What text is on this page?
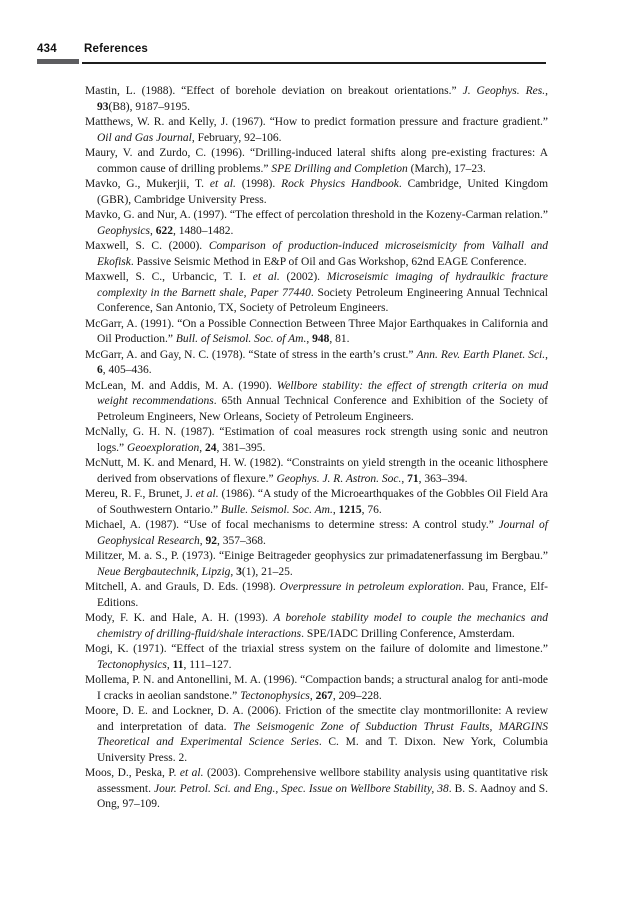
434 References

Mastin, L. (1988). “Effect of borehole deviation on breakout orientations.” J. Geophys. Res., 93(B8), 9187–9195.

Matthews, W. R. and Kelly, J. (1967). “How to predict formation pressure and fracture gradient.” Oil and Gas Journal, February, 92–106.

Maury, V. and Zurdo, C. (1996). “Drilling-induced lateral shifts along pre-existing fractures: A common cause of drilling problems.” SPE Drilling and Completion (March), 17–23.

Mavko, G., Mukerjii, T. et al. (1998). Rock Physics Handbook. Cambridge, United Kingdom (GBR), Cambridge University Press.

Mavko, G. and Nur, A. (1997). “The effect of percolation threshold in the Kozeny-Carman relation.” Geophysics, 622, 1480–1482.

Maxwell, S. C. (2000). Comparison of production-induced microseismicity from Valhall and Ekofisk. Passive Seismic Method in E&P of Oil and Gas Workshop, 62nd EAGE Conference.

Maxwell, S. C., Urbancic, T. I. et al. (2002). Microseismic imaging of hydraulkic fracture complexity in the Barnett shale, Paper 77440. Society Petroleum Engineering Annual Technical Conference, San Antonio, TX, Society of Petroleum Engineers.

McGarr, A. (1991). “On a Possible Connection Between Three Major Earthquakes in California and Oil Production.” Bull. of Seismol. Soc. of Am., 948, 81.

McGarr, A. and Gay, N. C. (1978). “State of stress in the earth’s crust.” Ann. Rev. Earth Planet. Sci., 6, 405–436.

McLean, M. and Addis, M. A. (1990). Wellbore stability: the effect of strength criteria on mud weight recommendations. 65th Annual Technical Conference and Exhibition of the Society of Petroleum Engineers, New Orleans, Society of Petroleum Engineers.

McNally, G. H. N. (1987). “Estimation of coal measures rock strength using sonic and neutron logs.” Geoexploration, 24, 381–395.

McNutt, M. K. and Menard, H. W. (1982). “Constraints on yield strength in the oceanic lithosphere derived from observations of flexure.” Geophys. J. R. Astron. Soc., 71, 363–394.

Mereu, R. F., Brunet, J. et al. (1986). “A study of the Microearthquakes of the Gobbles Oil Field Ara of Southwestern Ontario.” Bulle. Seismol. Soc. Am., 1215, 76.

Michael, A. (1987). “Use of focal mechanisms to determine stress: A control study.” Journal of Geophysical Research, 92, 357–368.

Militzer, M. a. S., P. (1973). “Einige Beitrageder geophysics zur primadatenerfassung im Bergbau.” Neue Bergbautechnik, Lipzig, 3(1), 21–25.

Mitchell, A. and Grauls, D. Eds. (1998). Overpressure in petroleum exploration. Pau, France, Elf-Editions.

Mody, F. K. and Hale, A. H. (1993). A borehole stability model to couple the mechanics and chemistry of drilling-fluid/shale interactions. SPE/IADC Drilling Conference, Amsterdam.

Mogi, K. (1971). “Effect of the triaxial stress system on the failure of dolomite and limestone.” Tectonophysics, 11, 111–127.

Mollema, P. N. and Antonellini, M. A. (1996). “Compaction bands; a structural analog for anti-mode I cracks in aeolian sandstone.” Tectonophysics, 267, 209–228.

Moore, D. E. and Lockner, D. A. (2006). Friction of the smectite clay montmorillonite: A review and interpretation of data. The Seismogenic Zone of Subduction Thrust Faults, MARGINS Theoretical and Experimental Science Series. C. M. and T. Dixon. New York, Columbia University Press. 2.

Moos, D., Peska, P. et al. (2003). Comprehensive wellbore stability analysis using quantitative risk assessment. Jour. Petrol. Sci. and Eng., Spec. Issue on Wellbore Stability, 38. B. S. Aadnoy and S. Ong, 97–109.
